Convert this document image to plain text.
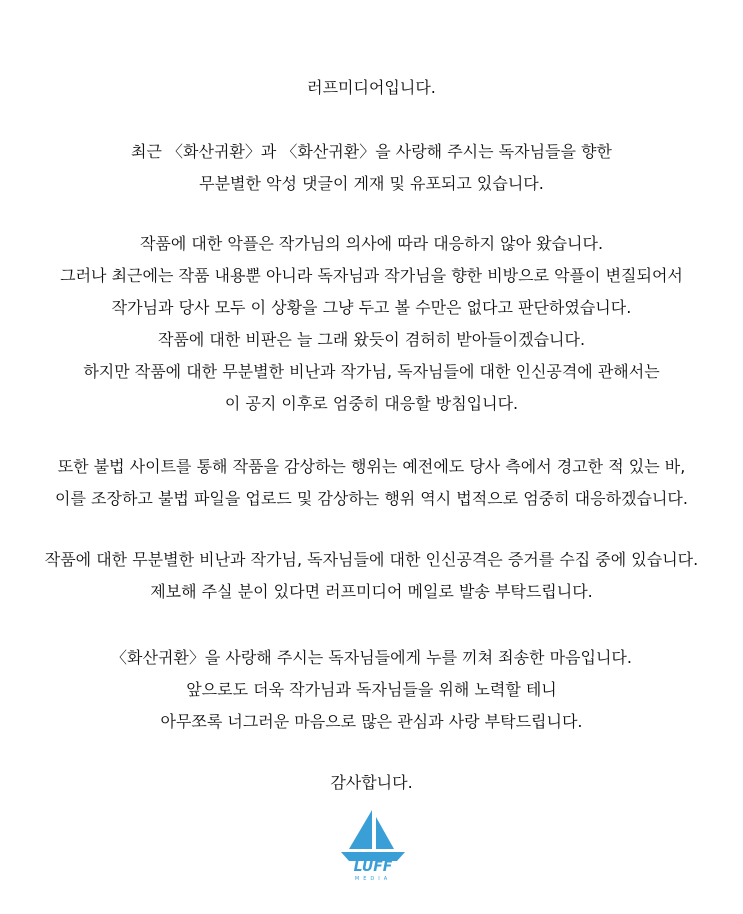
러프미디어입니다.

최근 〈화산귀환〉과 〈화산귀환〉을 사랑해 주시는 독자님들을 향한
무분별한 악성 댓글이 게재 및 유포되고 있습니다.

작품에 대한 악플은 작가님의 의사에 따라 대응하지 않아 왔습니다.
그러나 최근에는 작품 내용뿐 아니라 독자님과 작가님을 향한 비방으로 악플이 변질되어서
작가님과 당사 모두 이 상황을 그냥 두고 볼 수만은 없다고 판단하였습니다.
작품에 대한 비판은 늘 그래 왔듯이 겸허히 받아들이겠습니다.
하지만 작품에 대한 무분별한 비난과 작가님, 독자님들에 대한 인신공격에 관해서는
이 공지 이후로 엄중히 대응할 방침입니다.

또한 불법 사이트를 통해 작품을 감상하는 행위는 예전에도 당사 측에서 경고한 적 있는 바,
이를 조장하고 불법 파일을 업로드 및 감상하는 행위 역시 법적으로 엄중히 대응하겠습니다.

작품에 대한 무분별한 비난과 작가님, 독자님들에 대한 인신공격은 증거를 수집 중에 있습니다.
제보해 주실 분이 있다면 러프미디어 메일로 발송 부탁드립니다.

〈화산귀환〉을 사랑해 주시는 독자님들에게 누를 끼쳐 죄송한 마음입니다.
앞으로도 더욱 작가님과 독자님들을 위해 노력할 테니
아무쪼록 너그러운 마음으로 많은 관심과 사랑 부탁드립니다.

감사합니다.

LUFF
MEDIA
